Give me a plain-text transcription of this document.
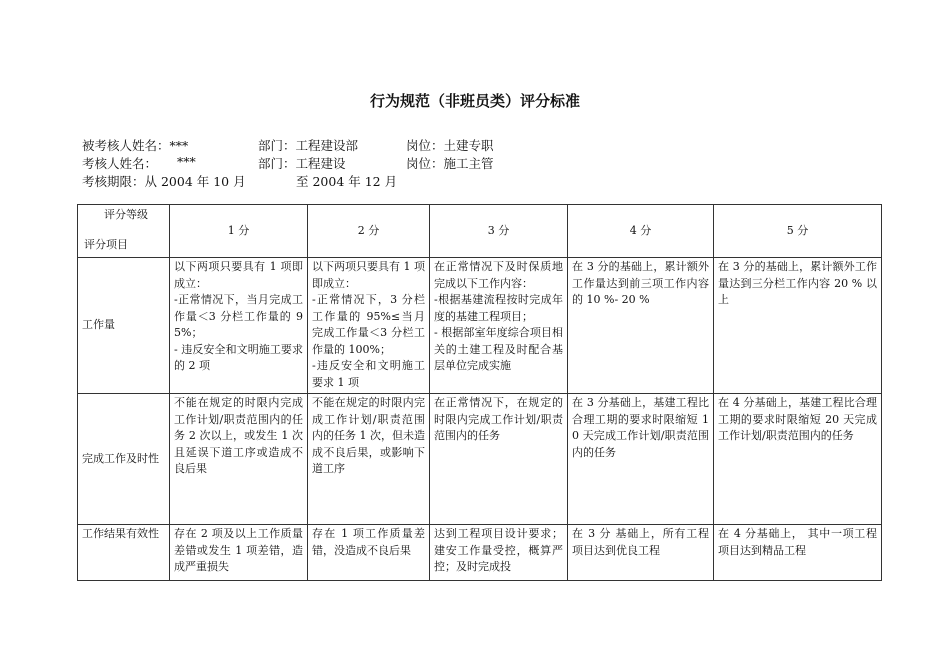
行为规范（非班员类）评分标准
被考核人姓名：***	部门：工程建设部	岗位：土建专职
考核人姓名： ***	部门：工程建设	岗位：施工主管
考核期限：从 2004 年 10 月	至 2004 年 12 月
评分等级
评分项目	1 分	2 分	3 分	4 分	5 分
工作量	以下两项只要具有 1 项即成立：
-正常情况下，当月完成工作量＜3 分栏工作量的 95%；
- 违反安全和文明施工要求的 2 项	以下两项只要具有 1 项即成立：
-正常情况下，3 分栏工作量的 95%≤当月完成工作量＜3 分栏工作量的 100%；
-违反安全和文明施工要求 1 项	在正常情况下及时保质地完成以下工作内容：
-根据基建流程按时完成年度的基建工程项目；
- 根据部室年度综合项目相关的土建工程及时配合基层单位完成实施	在 3 分的基础上，累计额外工作量达到前三项工作内容的 10 %- 20 %	在 3 分的基础上，累计额外工作量达到三分栏工作内容 20 % 以上

完成工作及时性	不能在规定的时限内完成工作计划/职责范围内的任务 2 次以上，或发生 1 次且延误下道工序或造成不良后果	不能在规定的时限内完成工作计划/职责范围内的任务 1 次，但未造成不良后果，或影响下道工序	在正常情况下，在规定的时限内完成工作计划/职责范围内的任务	在 3 分基础上，基建工程比合理工期的要求时限缩短 10 天完成工作计划/职责范围内的任务	在 4 分基础上，基建工程比合理工期的要求时限缩短 20 天完成工作计划/职责范围内的任务

工作结果有效性	存在 2 项及以上工作质量差错或发生 1 项差错，造成严重损失	存在 1 项工作质量差错，没造成不良后果	达到工程项目设计要求；建安工作量受控，概算严控；及时完成投	在 3 分 基础上，所有工程项目达到优良工程	在 4 分基础上， 其中一项工程项目达到精品工程
